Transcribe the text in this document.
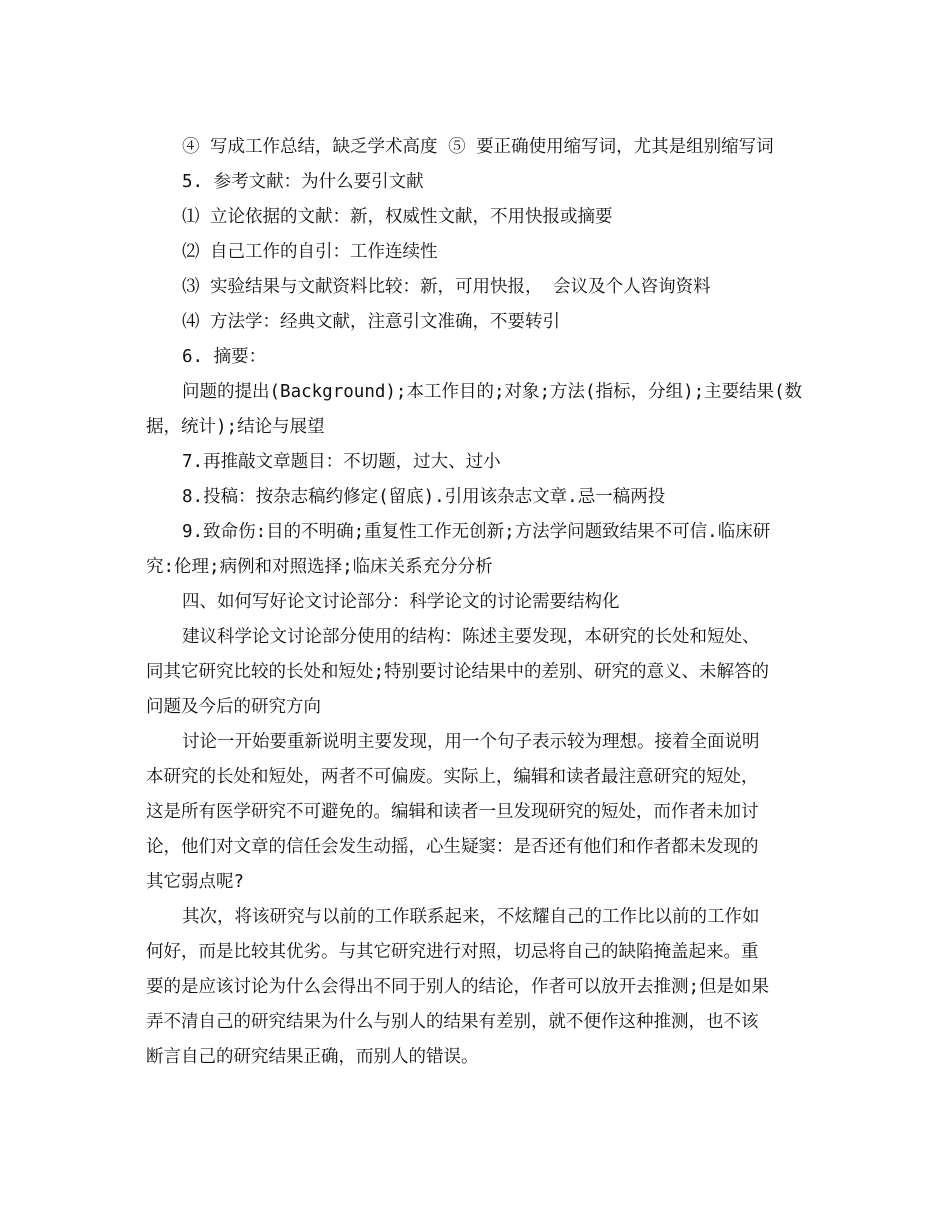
④ 写成工作总结，缺乏学术高度 ⑤ 要正确使用缩写词，尤其是组别缩写词
5. 参考文献：为什么要引文献
⑴ 立论依据的文献：新，权威性文献，不用快报或摘要
⑵ 自己工作的自引：工作连续性
⑶ 实验结果与文献资料比较：新，可用快报， 会议及个人咨询资料
⑷ 方法学：经典文献，注意引文准确，不要转引
6. 摘要：
问题的提出(Background);本工作目的;对象;方法(指标，分组);主要结果(数
据，统计);结论与展望
7.再推敲文章题目：不切题，过大、过小
8.投稿：按杂志稿约修定(留底).引用该杂志文章.忌一稿两投
9.致命伤:目的不明确;重复性工作无创新;方法学问题致结果不可信.临床研
究:伦理;病例和对照选择;临床关系充分分析
四、如何写好论文讨论部分：科学论文的讨论需要结构化
建议科学论文讨论部分使用的结构：陈述主要发现，本研究的长处和短处、
同其它研究比较的长处和短处;特别要讨论结果中的差别、研究的意义、未解答的
问题及今后的研究方向
讨论一开始要重新说明主要发现，用一个句子表示较为理想。接着全面说明
本研究的长处和短处，两者不可偏废。实际上，编辑和读者最注意研究的短处，
这是所有医学研究不可避免的。编辑和读者一旦发现研究的短处，而作者未加讨
论，他们对文章的信任会发生动摇，心生疑窦：是否还有他们和作者都未发现的
其它弱点呢?
其次，将该研究与以前的工作联系起来，不炫耀自己的工作比以前的工作如
何好，而是比较其优劣。与其它研究进行对照，切忌将自己的缺陷掩盖起来。重
要的是应该讨论为什么会得出不同于别人的结论，作者可以放开去推测;但是如果
弄不清自己的研究结果为什么与别人的结果有差别，就不便作这种推测，也不该
断言自己的研究结果正确，而别人的错误。
